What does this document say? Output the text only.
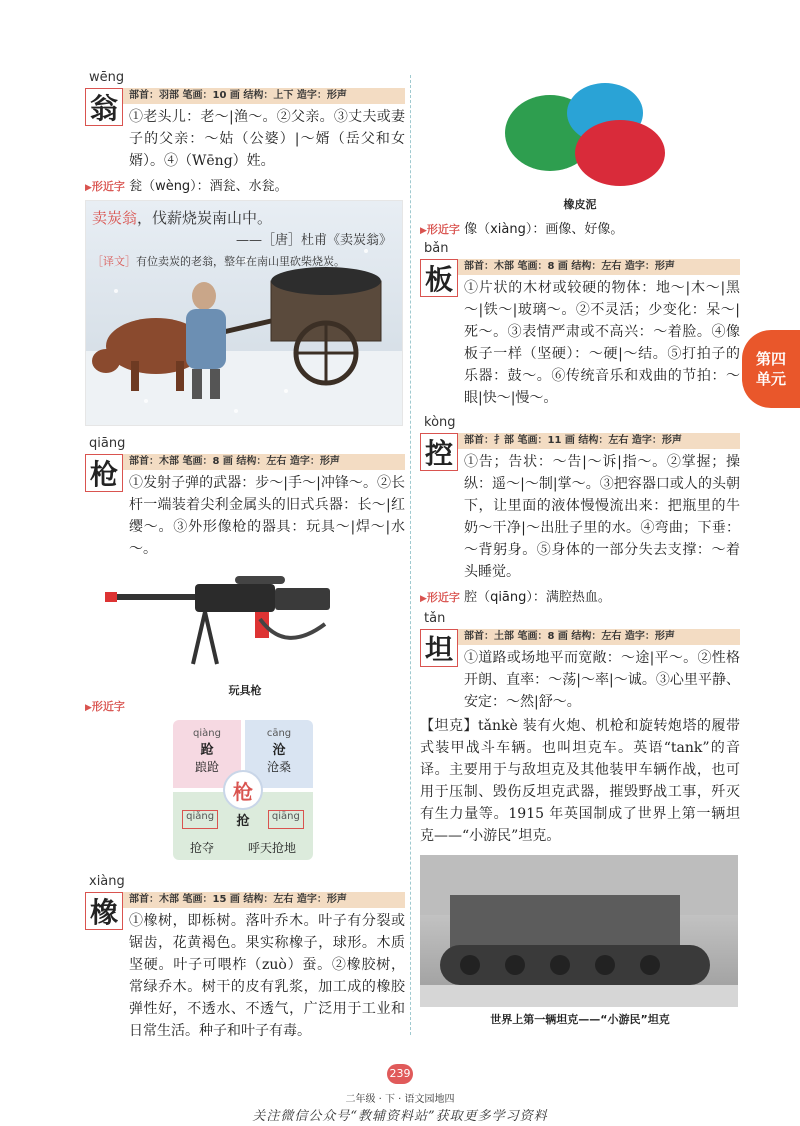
wēng
翁	部首：羽部 笔画：10 画 结构：上下 造字：形声
①老头儿：老～|渔～。②父亲。③丈夫或妻子的父亲：～姑（公婆）|～婿（岳父和女婿）。④（Wēng）姓。
▶形近字 瓮（wèng）：酒瓮、水瓮。
卖炭翁，伐薪烧炭南山中。
——［唐］杜甫《卖炭翁》
［译文］有位卖炭的老翁，整年在南山里砍柴烧炭。
qiāng
枪	部首：木部 笔画：8 画 结构：左右 造字：形声
①发射子弹的武器：步～|手～|冲锋～。②长杆一端装着尖利金属头的旧式兵器：长～|红缨～。③外形像枪的器具：玩具～|焊～|水～。
玩具枪
▶形近字
qiàng
跄
踉跄
cāng
沧
沧桑
qiǎng	抢	qiāng
抢夺	呼天抢地
枪
xiàng
橡	部首：木部 笔画：15 画 结构：左右 造字：形声
①橡树，即栎树。落叶乔木。叶子有分裂或锯齿，花黄褐色。果实称橡子，球形。木质坚硬。叶子可喂柞（zuò）蚕。②橡胶树，常绿乔木。树干的皮有乳浆，加工成的橡胶弹性好，不透水、不透气，广泛用于工业和日常生活。种子和叶子有毒。
橡皮泥
▶形近字 像（xiàng）：画像、好像。
bǎn
板	部首：木部 笔画：8 画 结构：左右 造字：形声
①片状的木材或较硬的物体：地～|木～|黑～|铁～|玻璃～。②不灵活；少变化：呆～|死～。③表情严肃或不高兴：～着脸。④像板子一样（坚硬）：～硬|～结。⑤打拍子的乐器：鼓～。⑥传统音乐和戏曲的节拍：～眼|快～|慢～。
kòng
控	部首：扌部 笔画：11 画 结构：左右 造字：形声
①告；告状：～告|～诉|指～。②掌握；操纵：遥～|～制|掌～。③把容器口或人的头朝下，让里面的液体慢慢流出来：把瓶里的牛奶～干净|～出肚子里的水。④弯曲；下垂：～背躬身。⑤身体的一部分失去支撑：～着头睡觉。
▶形近字 腔（qiāng）：满腔热血。
tǎn
坦	部首：土部 笔画：8 画 结构：左右 造字：形声
①道路或场地平而宽敞：～途|平～。②性格开朗、直率：～荡|～率|～诚。③心里平静、安定：～然|舒～。
【坦克】tǎnkè 装有火炮、机枪和旋转炮塔的履带式装甲战斗车辆。也叫坦克车。英语“tank”的音译。主要用于与敌坦克及其他装甲车辆作战，也可用于压制、毁伤反坦克武器，摧毁野战工事，歼灭有生力量等。1915 年英国制成了世界上第一辆坦克——“小游民”坦克。
世界上第一辆坦克——“小游民”坦克
第四
单元
239
二年级 · 下 · 语文园地四
关注微信公众号“教辅资料站”获取更多学习资料
